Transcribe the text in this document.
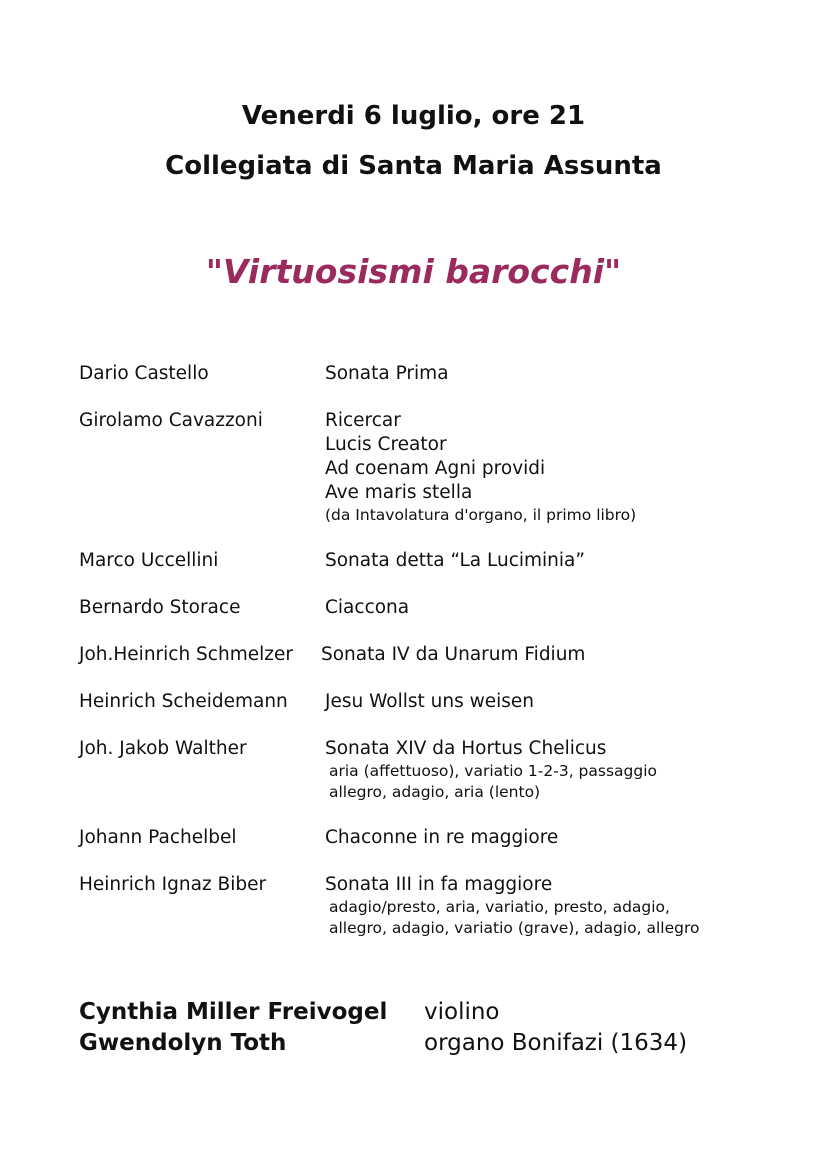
Venerdi 6 luglio, ore 21
Collegiata di Santa Maria Assunta
"Virtuosismi barocchi"
Dario Castello	Sonata Prima
Girolamo Cavazzoni	Ricercar
Lucis Creator
Ad coenam Agni providi
Ave maris stella
(da Intavolatura d'organo, il primo libro)
Marco Uccellini	Sonata detta “La Luciminia”
Bernardo Storace	Ciaccona
Joh.Heinrich Schmelzer Sonata IV da Unarum Fidium
Heinrich Scheidemann Jesu Wollst uns weisen
Joh. Jakob Walther	Sonata XIV da Hortus Chelicus
aria (affettuoso), variatio 1-2-3, passaggio
allegro, adagio, aria (lento)
Johann Pachelbel	Chaconne in re maggiore
Heinrich Ignaz Biber	Sonata III in fa maggiore
adagio/presto, aria, variatio, presto, adagio,
allegro, adagio, variatio (grave), adagio, allegro
Cynthia Miller Freivogel violino
Gwendolyn Toth	organo Bonifazi (1634)
